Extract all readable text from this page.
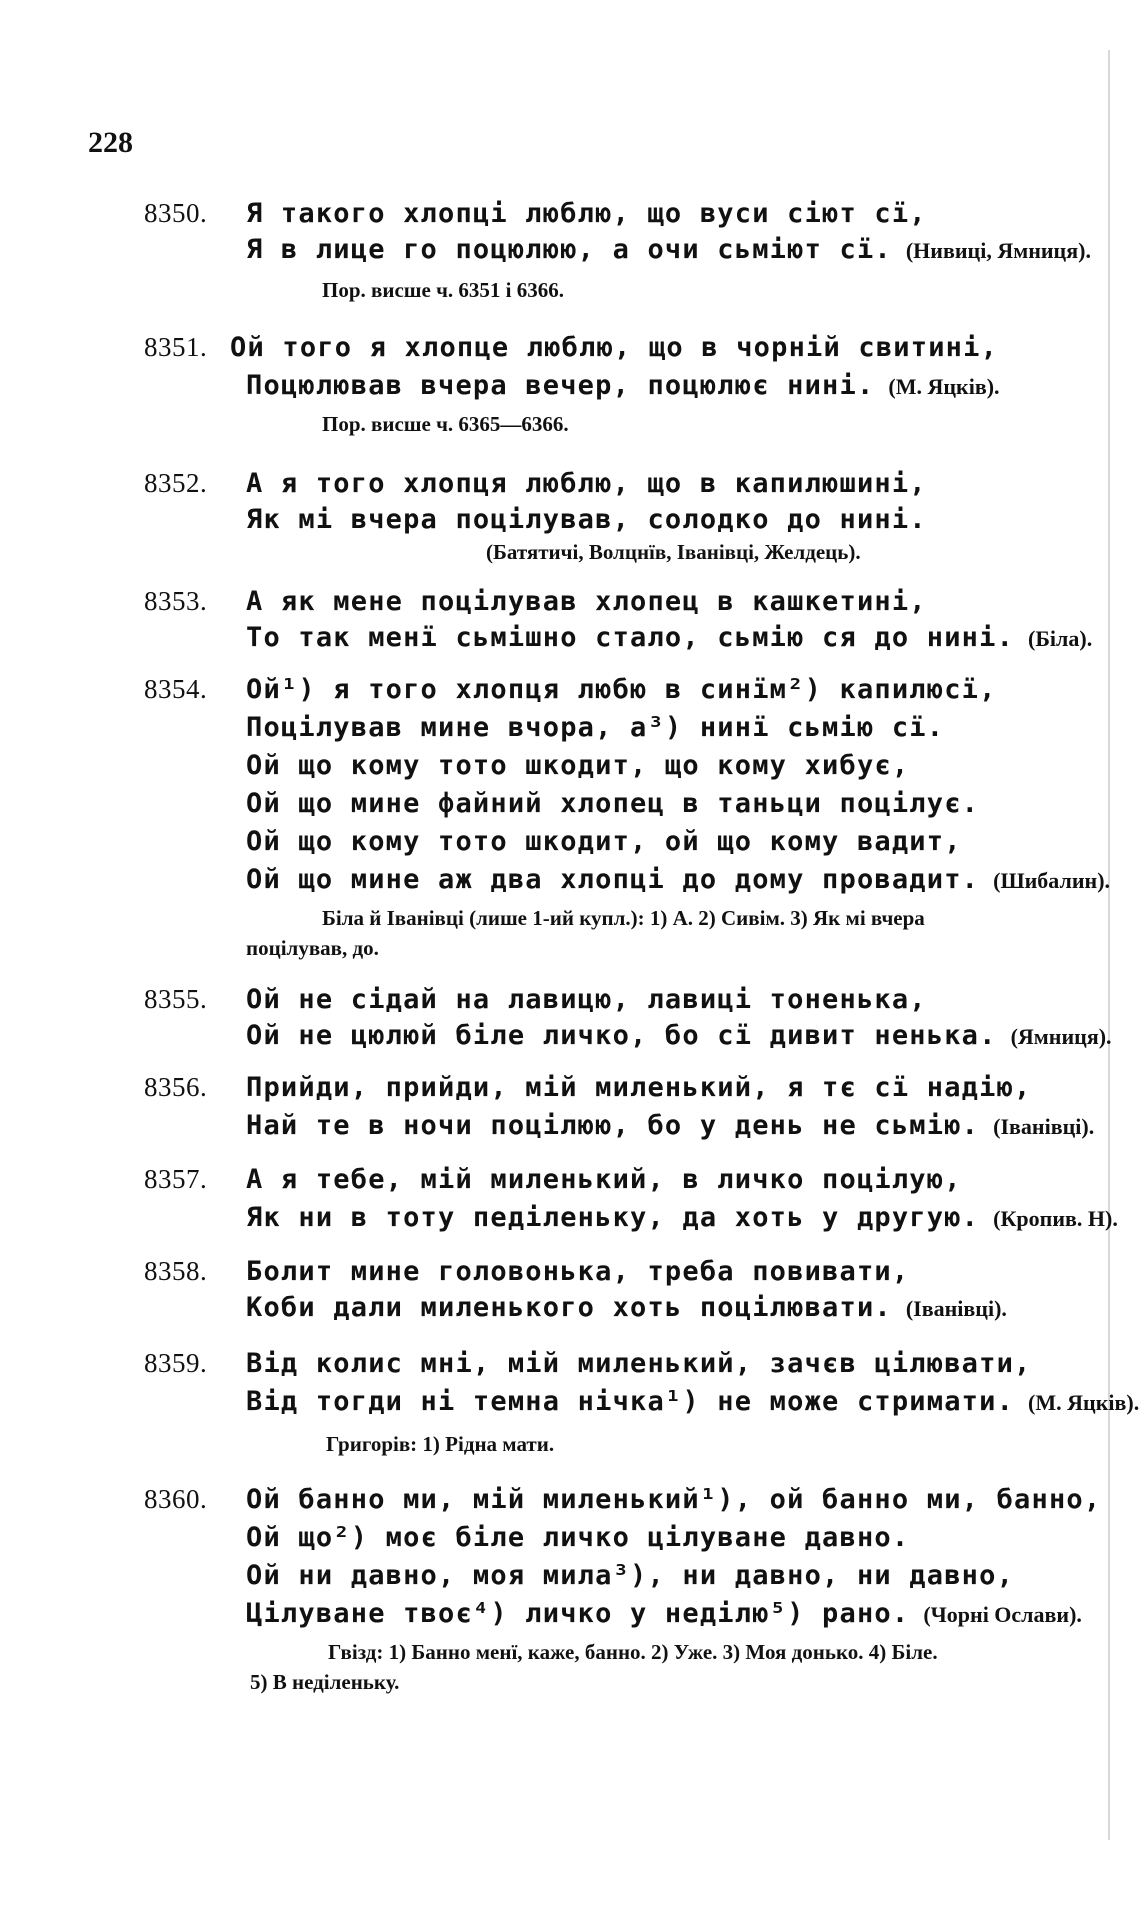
228
8350. Я такого хлопці люблю, що вуси сіют сї,
Я в лице го поцюлюю, а очи сьміют сї. (Нивиці, Ямниця).
Пор. висше ч. 6351 і 6366.
8351. Ой того я хлопце люблю, що в чорній свитині,
Поцюлював вчера вечер, поцюлює нині. (М. Яцків).
Пор. висше ч. 6365—6366.
8352. А я того хлопця люблю, що в капилюшині,
Як мі вчера поцілував, солодко до нині.
(Батятичі, Волцнїв, Іванівці, Желдець).
8353. А як мене поцілував хлопец в кашкетині,
То так менї сьмішно стало, сьмію ся до нині. (Біла).
8354. Ой¹) я того хлопця любю в синїм²) капилюсї,
Поцілував мине вчора, а³) нинї сьмію сї.
Ой що кому тото шкодит, що кому хибує,
Ой що мине файний хлопец в таньци поцілує.
Ой що кому тото шкодит, ой що кому вадит,
Ой що мине аж два хлопці до дому провадит. (Шибалин).
Біла й Іванівці (лише 1-ий купл.): 1) А. 2) Сивім. 3) Як мі вчера
поцілував, до.
8355. Ой не сідай на лавицю, лавиці тоненька,
Ой не цюлюй біле личко, бо сї дивит ненька. (Ямниця).
8356. Прийди, прийди, мій миленький, я тє сї надію,
Най те в ночи поцілюю, бо у день не сьмію. (Іванівці).
8357. А я тебе, мій миленький, в личко поцілую,
Як ни в тоту педіленьку, да хоть у другую. (Кропив. Н).
8358. Болит мине головонька, треба повивати,
Коби дали миленького хоть поцілювати. (Іванівці).
8359. Від колис мні, мій миленький, зачєв цілювати,
Від тогди ні темна нічка¹) не може стримати. (М. Яцків).
Григорів: 1) Рідна мати.
8360. Ой банно ми, мій миленький¹), ой банно ми, банно,
Ой що²) моє біле личко цілуване давно.
Ой ни давно, моя мила³), ни давно, ни давно,
Цілуване твоє⁴) личко у неділю⁵) рано. (Чорні Ослави).
Гвізд: 1) Банно менї, каже, банно. 2) Уже. 3) Моя донько. 4) Біле.
5) В неділеньку.
